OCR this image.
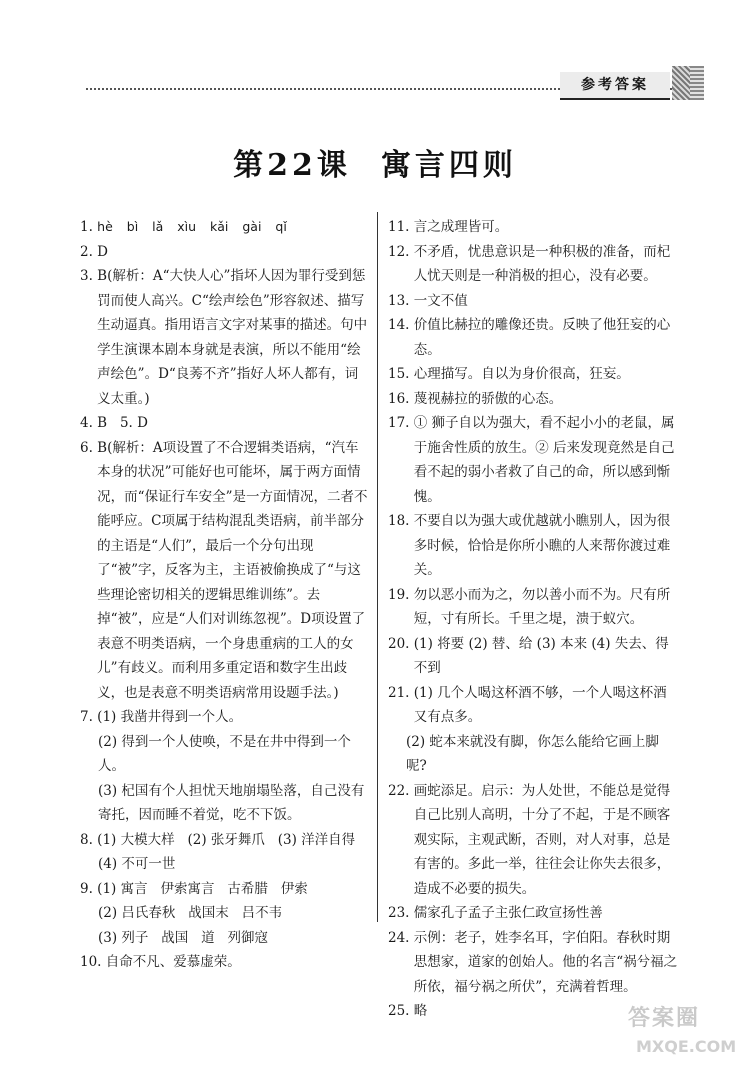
参考答案
第22课 寓言四则
1. hè bì lǎ xìu kǎi gài qǐ
2. D
3. B(解析：A“大快人心”指坏人因为罪行受到惩罚而使人高兴。C“绘声绘色”形容叙述、描写生动逼真。指用语言文字对某事的描述。句中学生演课本剧本身就是表演，所以不能用“绘声绘色”。D“良莠不齐”指好人坏人都有，词义太重。)
4. B   5. D
6. B(解析：A项设置了不合逻辑类语病，“汽车本身的状况”可能好也可能坏，属于两方面情况，而“保证行车安全”是一方面情况，二者不能呼应。C项属于结构混乱类语病，前半部分的主语是“人们”，最后一个分句出现了“被”字，反客为主，主语被偷换成了“与这些理论密切相关的逻辑思维训练”。去掉“被”，应是“人们对训练忽视”。D项设置了表意不明类语病，一个身患重病的工人的女儿”有歧义。而利用多重定语和数字生出歧义，也是表意不明类语病常用设题手法。)
7. (1) 我凿井得到一个人。
(2) 得到一个人使唤，不是在井中得到一个人。
(3) 杞国有个人担忧天地崩塌坠落，自己没有寄托，因而睡不着觉，吃不下饭。
8. (1) 大模大样   (2) 张牙舞爪   (3) 洋洋自得
(4) 不可一世
9. (1) 寓言   伊索寓言   古希腊   伊索
(2) 吕氏春秋   战国末   吕不韦
(3) 列子   战国   道   列御寇
10. 自命不凡、爱慕虚荣。
11. 言之成理皆可。
12. 不矛盾，忧患意识是一种积极的准备，而杞人忧天则是一种消极的担心，没有必要。
13. 一文不值
14. 价值比赫拉的雕像还贵。反映了他狂妄的心态。
15. 心理描写。自以为身价很高，狂妄。
16. 蔑视赫拉的骄傲的心态。
17. ① 狮子自以为强大，看不起小小的老鼠，属于施舍性质的放生。② 后来发现竟然是自己看不起的弱小者救了自己的命，所以感到惭愧。
18. 不要自以为强大或优越就小瞧别人，因为很多时候，恰恰是你所小瞧的人来帮你渡过难关。
19. 勿以恶小而为之，勿以善小而不为。尺有所短，寸有所长。千里之堤，溃于蚁穴。
20. (1) 将要 (2) 替、给 (3) 本来 (4) 失去、得不到
21. (1) 几个人喝这杯酒不够，一个人喝这杯酒又有点多。
(2) 蛇本来就没有脚，你怎么能给它画上脚呢?
22. 画蛇添足。启示：为人处世，不能总是觉得自己比别人高明，十分了不起，于是不顾客观实际，主观武断，否则，对人对事，总是有害的。多此一举，往往会让你失去很多，造成不必要的损失。
23. 儒家孔子孟子主张仁政宣扬性善
24. 示例：老子，姓李名耳，字伯阳。春秋时期思想家，道家的创始人。他的名言“祸兮福之所依，福兮祸之所伏”，充满着哲理。
25. 略	答案圈
MXQE.COM
